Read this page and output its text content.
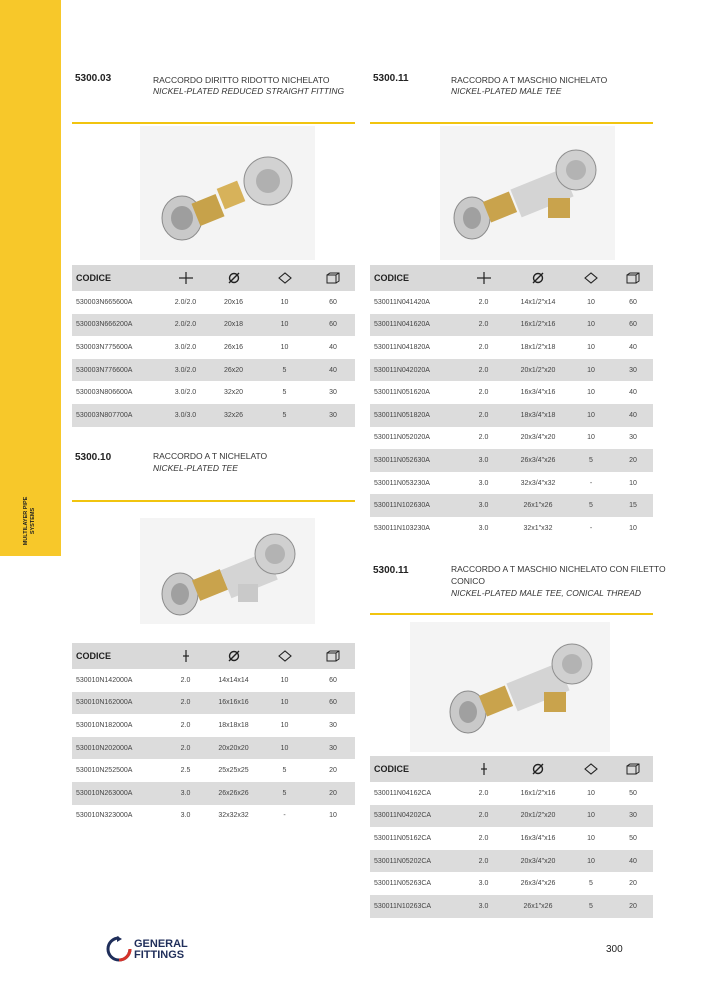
MULTILAYER PIPE
SYSTEMS
5300.03	RACCORDO DIRITTO RIDOTTO NICHELATO
NICKEL-PLATED REDUCED STRAIGHT FITTING
CODICE				
530003N665600A	2.0/2.0	20x16	10	60
530003N666200A	2.0/2.0	20x18	10	60
530003N775600A	3.0/2.0	26x16	10	40
530003N776600A	3.0/2.0	26x20	5	40
530003N806600A	3.0/2.0	32x20	5	30
530003N807700A	3.0/3.0	32x26	5	30
5300.10	RACCORDO A T NICHELATO
NICKEL-PLATED TEE
CODICE				
530010N142000A	2.0	14x14x14	10	60
530010N162000A	2.0	16x16x16	10	60
530010N182000A	2.0	18x18x18	10	30
530010N202000A	2.0	20x20x20	10	30
530010N252500A	2.5	25x25x25	5	20
530010N263000A	3.0	26x26x26	5	20
530010N323000A	3.0	32x32x32	-	10
5300.11	RACCORDO A T MASCHIO NICHELATO
NICKEL-PLATED MALE TEE
CODICE				
530011N041420A	2.0	14x1/2"x14	10	60
530011N041620A	2.0	16x1/2"x16	10	60
530011N041820A	2.0	18x1/2"x18	10	40
530011N042020A	2.0	20x1/2"x20	10	30
530011N051620A	2.0	16x3/4"x16	10	40
530011N051820A	2.0	18x3/4"x18	10	40
530011N052020A	2.0	20x3/4"x20	10	30
530011N052630A	3.0	26x3/4"x26	5	20
530011N053230A	3.0	32x3/4"x32	-	10
530011N102630A	3.0	26x1"x26	5	15
530011N103230A	3.0	32x1"x32	-	10
5300.11	RACCORDO A T MASCHIO NICHELATO CON FILETTO
CONICO
NICKEL-PLATED MALE TEE, CONICAL THREAD
CODICE				
530011N04162CA	2.0	16x1/2"x16	10	50
530011N04202CA	2.0	20x1/2"x20	10	30
530011N05162CA	2.0	16x3/4"x16	10	50
530011N05202CA	2.0	20x3/4"x20	10	40
530011N05263CA	3.0	26x3/4"x26	5	20
530011N10263CA	3.0	26x1"x26	5	20
GENERAL
FITTINGS	300
